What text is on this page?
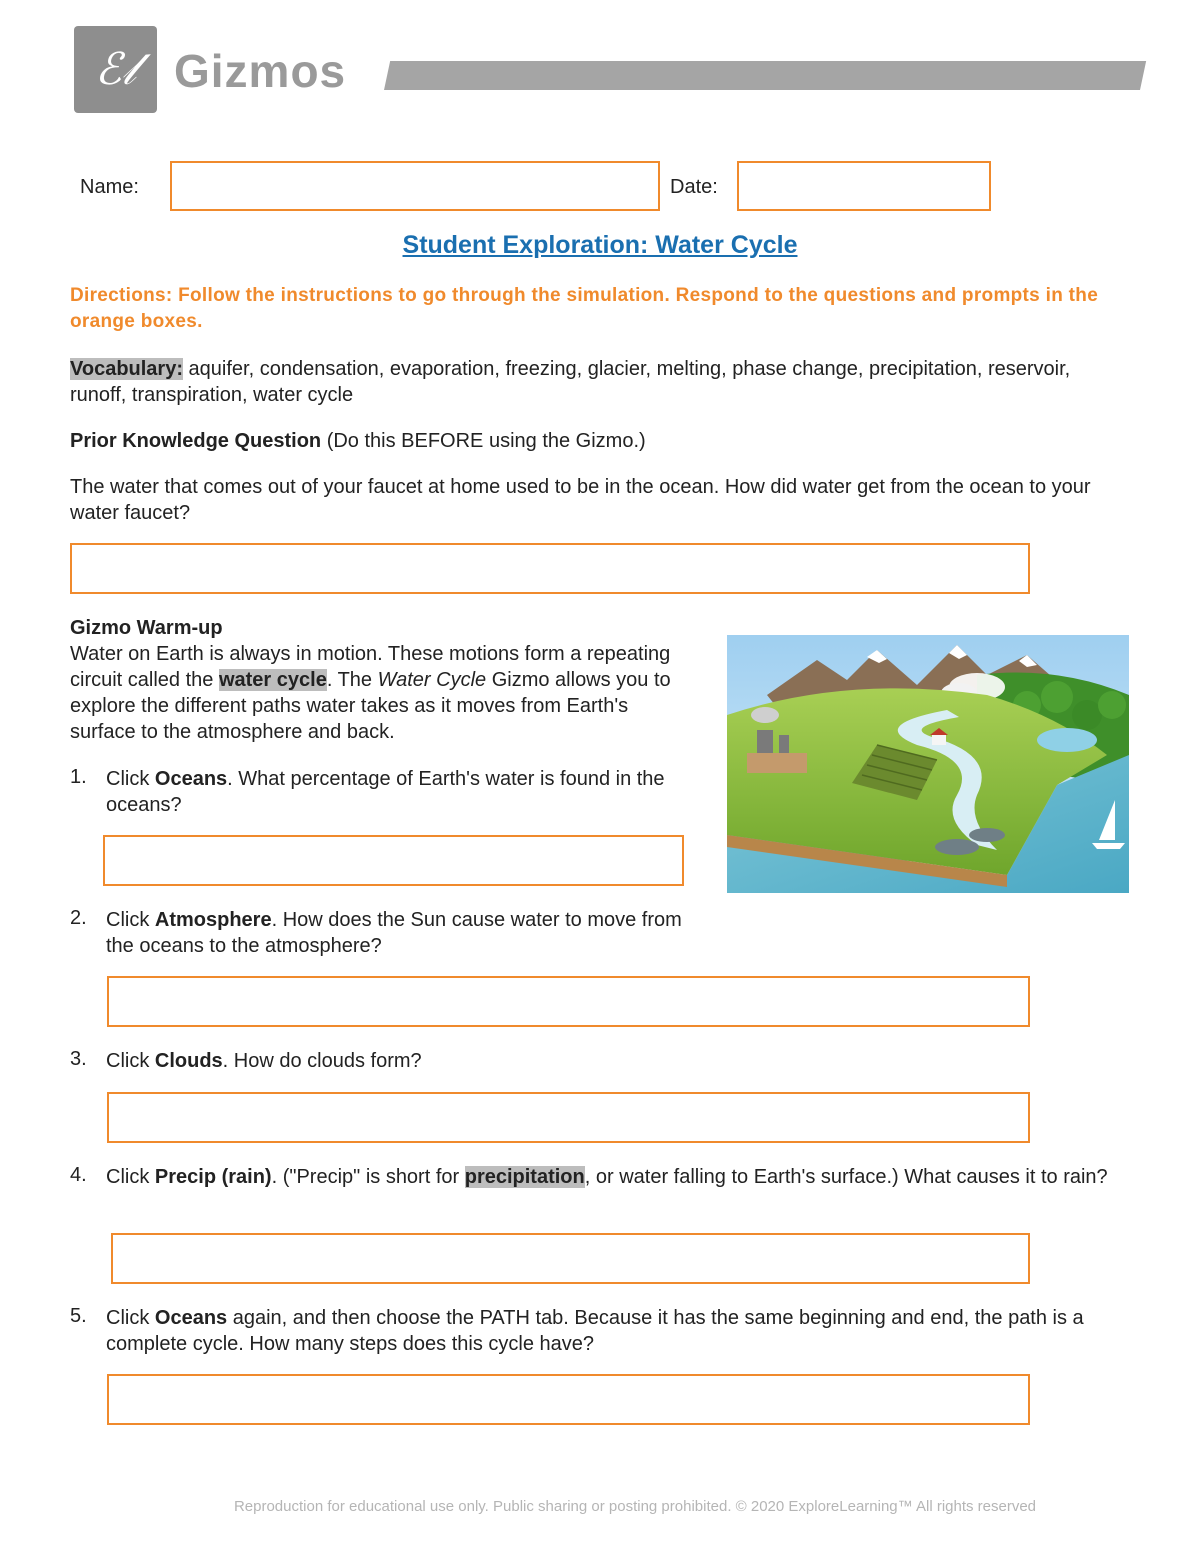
ℰ𝓁 Gizmos
Name:	Date:
Student Exploration: Water Cycle
Directions: Follow the instructions to go through the simulation. Respond to the questions and prompts in the orange boxes.
Vocabulary: aquifer, condensation, evaporation, freezing, glacier, melting, phase change, precipitation, reservoir, runoff, transpiration, water cycle
Prior Knowledge Question (Do this BEFORE using the Gizmo.)
The water that comes out of your faucet at home used to be in the ocean. How did water get from the ocean to your water faucet?
Gizmo Warm-up
Water on Earth is always in motion. These motions form a repeating circuit called the water cycle. The Water Cycle Gizmo allows you to explore the different paths water takes as it moves from Earth's surface to the atmosphere and back.
1. Click Oceans. What percentage of Earth's water is found in the oceans?
2. Click Atmosphere. How does the Sun cause water to move from the oceans to the atmosphere?
3. Click Clouds. How do clouds form?
4. Click Precip (rain). ("Precip" is short for precipitation, or water falling to Earth's surface.) What causes it to rain?
5. Click Oceans again, and then choose the PATH tab. Because it has the same beginning and end, the path is a complete cycle. How many steps does this cycle have?
Reproduction for educational use only. Public sharing or posting prohibited. © 2020 ExploreLearning™ All rights reserved
